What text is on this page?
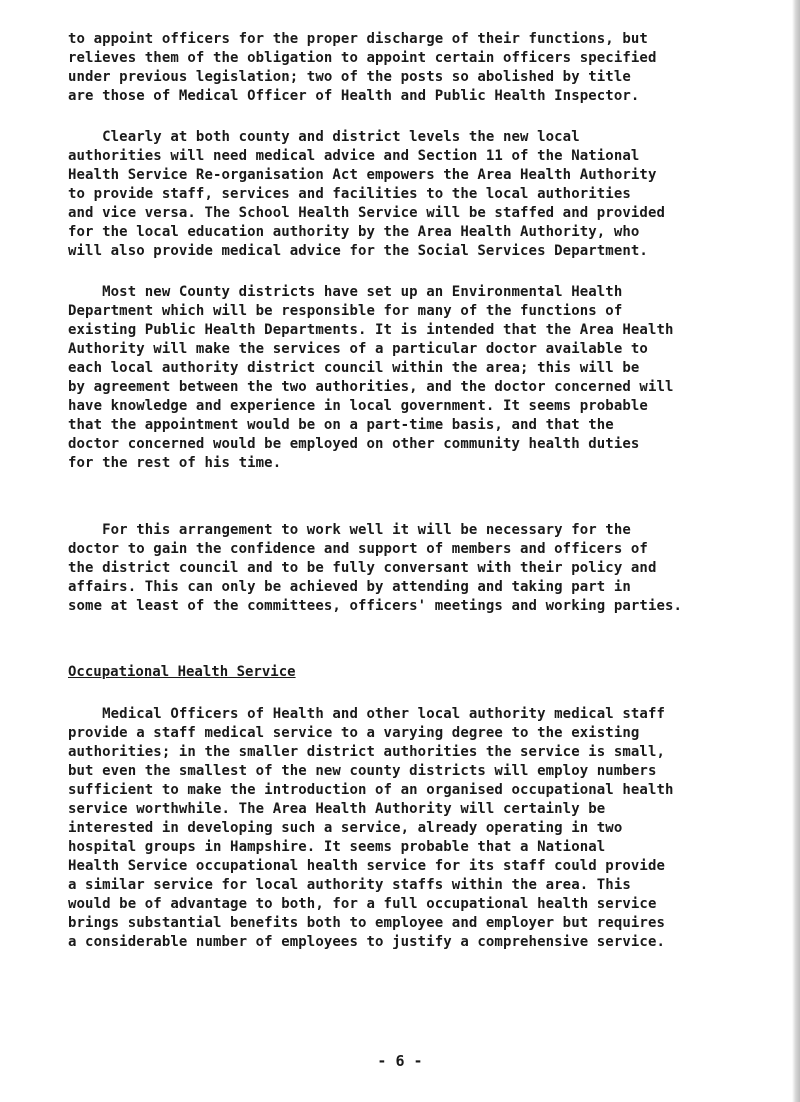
to appoint officers for the proper discharge of their functions, but
relieves them of the obligation to appoint certain officers specified
under previous legislation; two of the posts so abolished by title
are those of Medical Officer of Health and Public Health Inspector.
Clearly at both county and district levels the new local
authorities will need medical advice and Section 11 of the National
Health Service Re-organisation Act empowers the Area Health Authority
to provide staff, services and facilities to the local authorities
and vice versa. The School Health Service will be staffed and provided
for the local education authority by the Area Health Authority, who
will also provide medical advice for the Social Services Department.
Most new County districts have set up an Environmental Health
Department which will be responsible for many of the functions of
existing Public Health Departments. It is intended that the Area Health
Authority will make the services of a particular doctor available to
each local authority district council within the area; this will be
by agreement between the two authorities, and the doctor concerned will
have knowledge and experience in local government. It seems probable
that the appointment would be on a part-time basis, and that the
doctor concerned would be employed on other community health duties
for the rest of his time.
For this arrangement to work well it will be necessary for the
doctor to gain the confidence and support of members and officers of
the district council and to be fully conversant with their policy and
affairs. This can only be achieved by attending and taking part in
some at least of the committees, officers' meetings and working parties.
Occupational Health Service
Medical Officers of Health and other local authority medical staff
provide a staff medical service to a varying degree to the existing
authorities; in the smaller district authorities the service is small,
but even the smallest of the new county districts will employ numbers
sufficient to make the introduction of an organised occupational health
service worthwhile. The Area Health Authority will certainly be
interested in developing such a service, already operating in two
hospital groups in Hampshire. It seems probable that a National
Health Service occupational health service for its staff could provide
a similar service for local authority staffs within the area. This
would be of advantage to both, for a full occupational health service
brings substantial benefits both to employee and employer but requires
a considerable number of employees to justify a comprehensive service.
- 6 -
